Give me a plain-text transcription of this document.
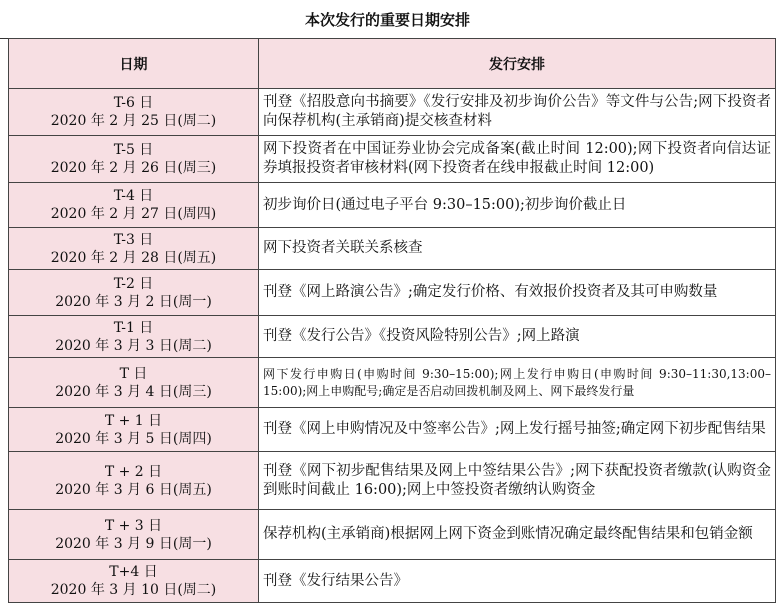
本次发行的重要日期安排
日期	发行安排

T-6 日
2020 年 2 月 25 日(周二)	刊登《招股意向书摘要》《发行安排及初步询价公告》等文件与公告;网下投资者向保荐机构(主承销商)提交核查材料

T-5 日
2020 年 2 月 26 日(周三)	网下投资者在中国证券业协会完成备案(截止时间 12:00);网下投资者向信达证券填报投资者审核材料(网下投资者在线申报截止时间 12:00)

T-4 日
2020 年 2 月 27 日(周四)	初步询价日(通过电子平台 9:30–15:00);初步询价截止日

T-3 日
2020 年 2 月 28 日(周五)	网下投资者关联关系核查

T-2 日
2020 年 3 月 2 日(周一)	刊登《网上路演公告》;确定发行价格、有效报价投资者及其可申购数量

T-1 日
2020 年 3 月 3 日(周二)	刊登《发行公告》《投资风险特别公告》;网上路演

T 日
2020 年 3 月 4 日(周三)	网下发行申购日(申购时间 9:30–15:00);网上发行申购日(申购时间 9:30–11:30,13:00–15:00);网上申购配号;确定是否启动回拨机制及网上、网下最终发行量

T + 1 日
2020 年 3 月 5 日(周四)	刊登《网上申购情况及中签率公告》;网上发行摇号抽签;确定网下初步配售结果

T + 2 日
2020 年 3 月 6 日(周五)	刊登《网下初步配售结果及网上中签结果公告》;网下获配投资者缴款(认购资金到账时间截止 16:00);网上中签投资者缴纳认购资金

T + 3 日
2020 年 3 月 9 日(周一)	保荐机构(主承销商)根据网上网下资金到账情况确定最终配售结果和包销金额

T+4 日
2020 年 3 月 10 日(周二)	刊登《发行结果公告》
